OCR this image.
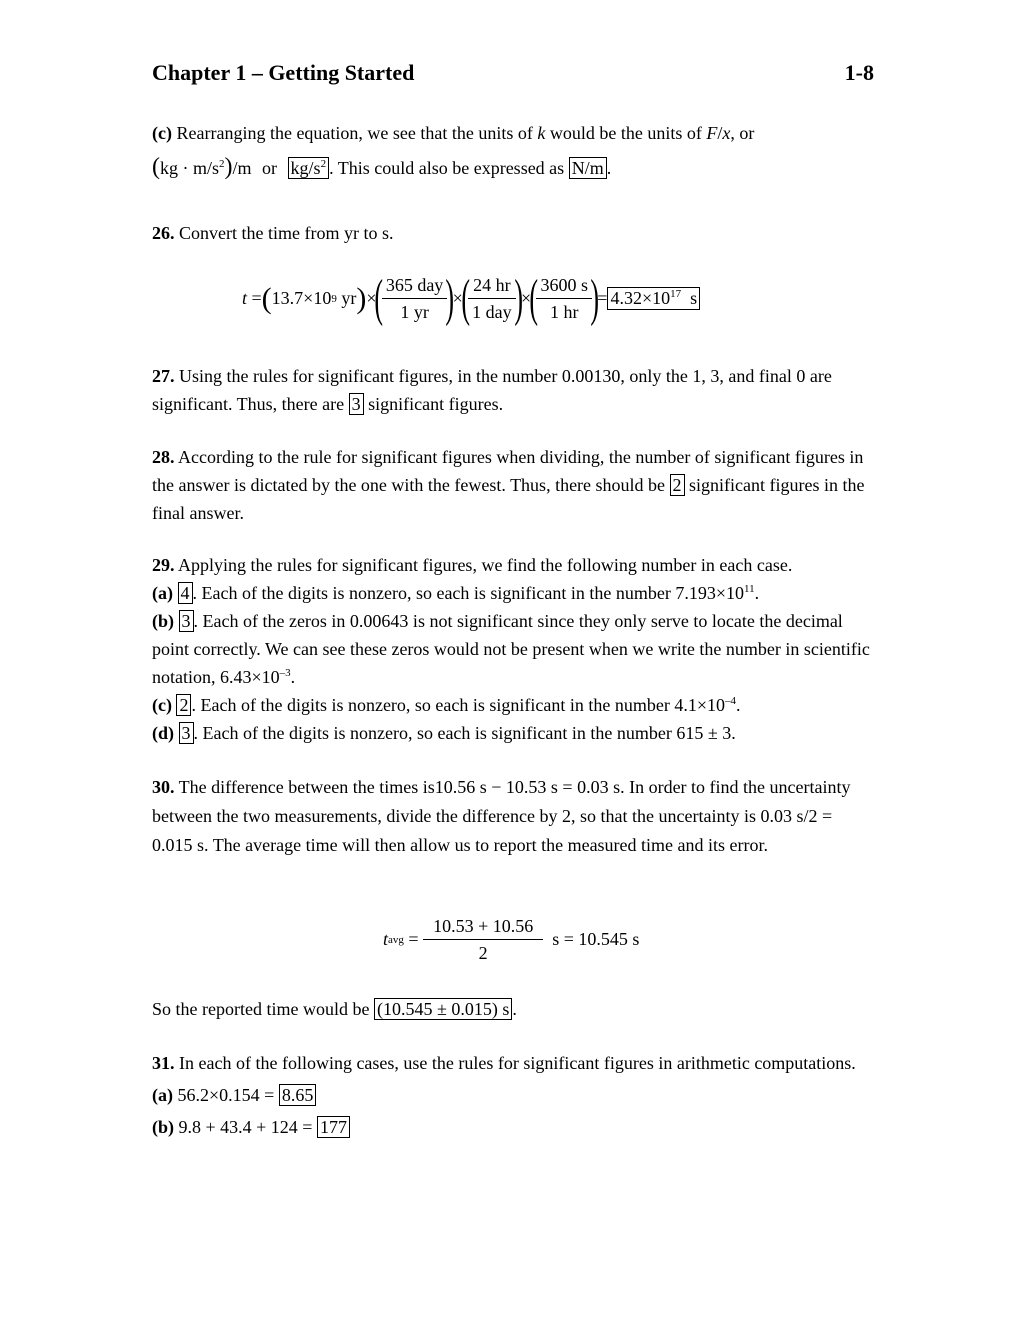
Chapter 1 – Getting Started	1-8

(c) Rearranging the equation, we see that the units of k would be the units of F/x, or

$(kg \cdot m/s^2)/m$ or $kg/s^2$ . This could also be expressed as N/m .

26. Convert the time from yr to s.

t
= ( 13.7×10 9
yr ) ×
(
$\frac{\text{365 day}}{1 yr}$
)
×
(
$\frac{24 hr}{\text{1 day}}$
)
×
(
$\frac{3600 s}{1 hr}$
)
= $4.32\times 10^{17}$ s

27. Using the rules for significant figures, in the number 0.00130, only the 1, 3, and final 0 are significant. Thus, there are 3 significant figures.

28. According to the rule for significant figures when dividing, the number of significant figures in the answer is dictated by the one with the fewest. Thus, there should be 2 significant figures in the final answer.

29. Applying the rules for significant figures, we find the following number in each case.

(a) 4 . Each of the digits is nonzero, so each is significant in the number $7.193\times 10^{11}$.

(b) 3 . Each of the zeros in 0.00643 is not significant since they only serve to locate the decimal point correctly. We can see these zeros would not be present when we write the number in scientific notation, $6.43\times 10^{-3}$.

(c) 2 . Each of the digits is nonzero, so each is significant in the number $4.1\times 10^{-4}$.

(d) 3 . Each of the digits is nonzero, so each is significant in the number 615 ± 3.

30. The difference between the times is10.56 s − 10.53 s = 0.03 s. In order to find the uncertainty between the two measurements, divide the difference by 2, so that the uncertainty is 0.03 s/2 = 0.015 s. The average time will then allow us to report the measured time and its error.

t avg
=
$\frac{10.53 + 10.56}{2}$
s = 10.545 s

So the reported time would be (10.545 ± 0.015) s .

31. In each of the following cases, use the rules for significant figures in arithmetic computations.

(a) 56.2×0.154 = 8.65

(b) 9.8 + 43.4 + 124 = 177
